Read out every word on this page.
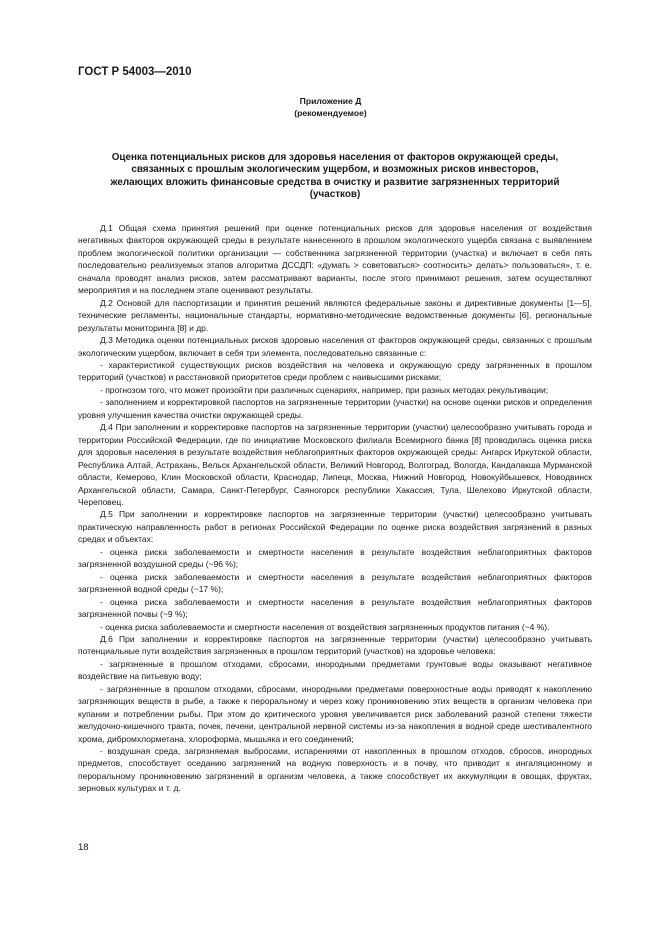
ГОСТ Р 54003—2010
Приложение Д
(рекомендуемое)
Оценка потенциальных рисков для здоровья населения от факторов окружающей среды,
связанных с прошлым экологическим ущербом, и возможных рисков инвесторов,
желающих вложить финансовые средства в очистку и развитие загрязненных территорий
(участков)

Д.1 Общая схема принятия решений при оценке потенциальных рисков для здоровья населения от воздействия негативных факторов окружающей среды в результате нанесенного в прошлом экологического ущерба связана с выявлением проблем экологической политики организации — собственника загрязненной территории (участка) и включает в себя пять последовательно реализуемых этапов алгоритма ДССДП: «думать > советоваться> соотносить> делать> пользоваться», т. е. сначала проводят анализ рисков, затем рассматривают варианты, после этого принимают решения, затем осуществляют мероприятия и на последнем этапе оценивают результаты.

Д.2 Основой для паспортизации и принятия решений являются федеральные законы и директивные документы [1—5], технические регламенты, национальные стандарты, нормативно-методические ведомственные документы [6], региональные результаты мониторинга [8] и др.

Д.3 Методика оценки потенциальных рисков здоровью населения от факторов окружающей среды, связанных с прошлым экологическим ущербом, включает в себя три элемента, последовательно связанные с:

- характеристикой существующих рисков воздействия на человека и окружающую среду загрязненных в прошлом территорий (участков) и расстановкой приоритетов среди проблем с наивысшими рисками;

- прогнозом того, что может произойти при различных сценариях, например, при разных методах рекультивации;

- заполнением и корректировкой паспортов на загрязненные территории (участки) на основе оценки рисков и определения уровня улучшения качества очистки окружающей среды.

Д.4 При заполнении и корректировке паспортов на загрязненные территории (участки) целесообразно учитывать города и территории Российской Федерации, где по инициативе Московского филиала Всемирного банка [8] проводилась оценка риска для здоровья населения в результате воздействия неблагоприятных факторов окружающей среды: Ангарск Иркутской области, Республика Алтай, Астрахань, Вельск Архангельской области, Великий Новгород, Волгоград, Вологда, Кандалакша Мурманской области, Кемерово, Клин Московской области, Краснодар, Липецк, Москва, Нижний Новгород, Новокуйбышевск, Новодвинск Архангельской области, Самара, Санкт-Петербург, Саяногорск республики Хакассия, Тула, Шелехово Иркутской области, Череповец.

Д.5 При заполнении и корректировке паспортов на загрязненные территории (участки) целесообразно учитывать практическую направленность работ в регионах Российской Федерации по оценке риска воздействия загрязнений в разных средах и объектах:

- оценка риска заболеваемости и смертности населения в результате воздействия неблагоприятных факторов загрязненной воздушной среды (~96 %);

- оценка риска заболеваемости и смертности населения в результате воздействия неблагоприятных факторов загрязненной водной среды (~17 %);

- оценка риска заболеваемости и смертности населения в результате воздействия неблагоприятных факторов загрязненной почвы (~9 %);

- оценка риска заболеваемости и смертности населения от воздействия загрязненных продуктов питания (~4 %).

Д.6 При заполнении и корректировке паспортов на загрязненные территории (участки) целесообразно учитывать потенциальные пути воздействия загрязненных в прошлом территорий (участков) на здоровье человека:

- загрязненные в прошлом отходами, сбросами, инородными предметами грунтовые воды оказывают негативное воздействие на питьевую воду;

- загрязненные в прошлом отходами, сбросами, инородными предметами поверхностные воды приводят к накоплению загрязняющих веществ в рыбе, а также к пероральному и через кожу проникновению этих веществ в организм человека при купании и потреблении рыбы. При этом до критического уровня увеличивается риск заболеваний разной степени тяжести желудочно-кишечного тракта, почек, печени, центральной нервной системы из-за накопления в водной среде шестивалентного хрома, дибромхлорметана, хлороформа, мышьяка и его соединений;

- воздушная среда, загрязняемая выбросами, испарениями от накопленных в прошлом отходов, сбросов, инородных предметов, способствует оседанию загрязнений на водную поверхность и в почву, что приводит к ингаляционному и пероральному проникновению загрязнений в организм человека, а также способствует их аккумуляции в овощах, фруктах, зерновых культурах и т. д.

18
